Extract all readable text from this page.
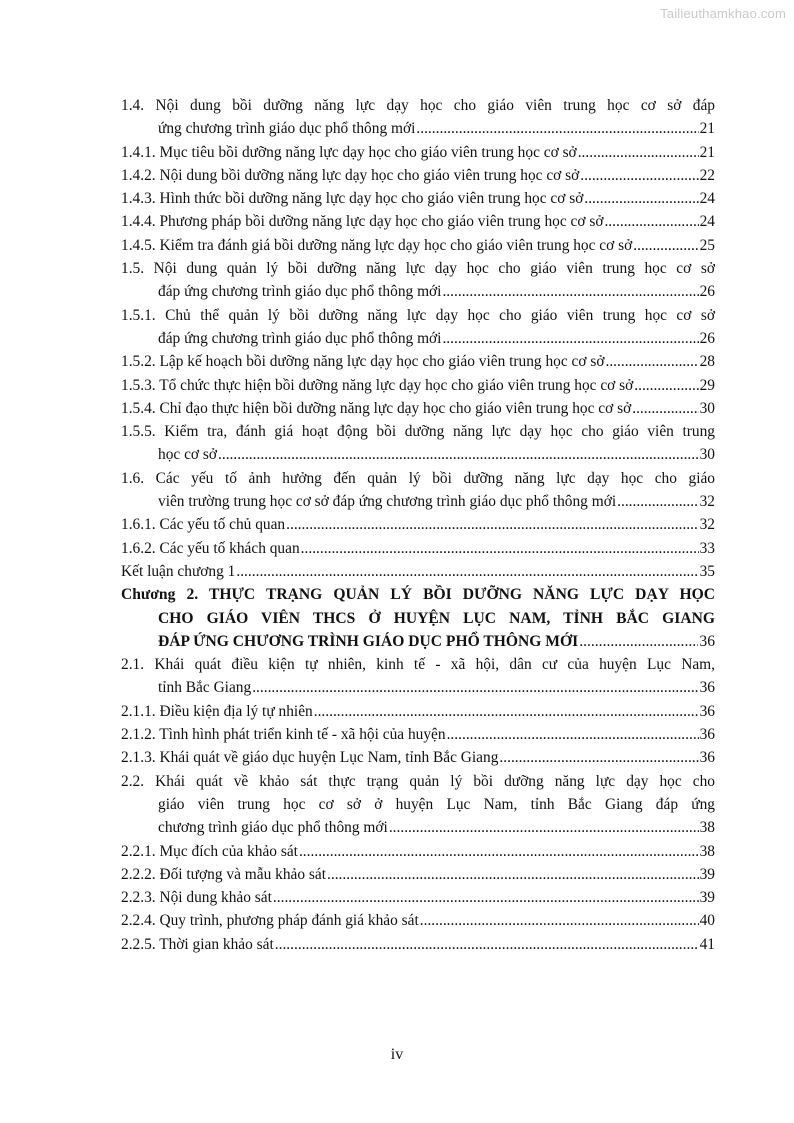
Tailieuthamkhao.com
1.4. Nội dung bồi dưỡng năng lực dạy học cho giáo viên trung học cơ sở đáp
ứng chương trình giáo dục phổ thông mới .....	21
1.4.1. Mục tiêu bồi dưỡng năng lực dạy học cho giáo viên trung học cơ sở .....	21
1.4.2. Nội dung bồi dưỡng năng lực dạy học cho giáo viên trung học cơ sở .....	22
1.4.3. Hình thức bồi dưỡng năng lực dạy học cho giáo viên trung học cơ sở .....	24
1.4.4. Phương pháp bồi dưỡng năng lực dạy học cho giáo viên trung học cơ sở .....	24
1.4.5. Kiểm tra đánh giá bồi dưỡng năng lực dạy học cho giáo viên trung học cơ sở .....	25
1.5. Nội dung quản lý bồi dưỡng năng lực dạy học cho giáo viên trung học cơ sở
đáp ứng chương trình giáo dục phổ thông mới .....	26
1.5.1. Chủ thể quản lý bồi dưỡng năng lực dạy học cho giáo viên trung học cơ sở
đáp ứng chương trình giáo dục phổ thông mới .....	26
1.5.2. Lập kế hoạch bồi dưỡng năng lực dạy học cho giáo viên trung học cơ sở .....	28
1.5.3. Tổ chức thực hiện bồi dưỡng năng lực dạy học cho giáo viên trung học cơ sở .....	29
1.5.4. Chỉ đạo thực hiện bồi dưỡng năng lực dạy học cho giáo viên trung học cơ sở .....	30
1.5.5. Kiểm tra, đánh giá hoạt động bồi dưỡng năng lực dạy học cho giáo viên trung
học cơ sở .....	30
1.6. Các yếu tố ảnh hưởng đến quản lý bồi dưỡng năng lực dạy học cho giáo
viên trường trung học cơ sở đáp ứng chương trình giáo dục phổ thông mới .....	32
1.6.1. Các yếu tố chủ quan .....	32
1.6.2. Các yếu tố khách quan .....	33
Kết luận chương 1 .....	35
Chương 2. THỰC TRẠNG QUẢN LÝ BỒI DƯỠNG NĂNG LỰC DẠY HỌC
CHO GIÁO VIÊN THCS Ở HUYỆN LỤC NAM, TỈNH BẮC GIANG
ĐÁP ỨNG CHƯƠNG TRÌNH GIÁO DỤC PHỔ THÔNG MỚI .....	36
2.1. Khái quát điều kiện tự nhiên, kinh tế - xã hội, dân cư của huyện Lục Nam,
tỉnh Bắc Giang .....	36
2.1.1. Điều kiện địa lý tự nhiên .....	36
2.1.2. Tình hình phát triển kinh tế - xã hội của huyện .....	36
2.1.3. Khái quát về giáo dục huyện Lục Nam, tỉnh Bắc Giang .....	36
2.2. Khái quát về khảo sát thực trạng quản lý bồi dưỡng năng lực dạy học cho
giáo viên trung học cơ sở ở huyện Lục Nam, tỉnh Bắc Giang đáp ứng
chương trình giáo dục phổ thông mới .....	38
2.2.1. Mục đích của khảo sát .....	38
2.2.2. Đối tượng và mẫu khảo sát .....	39
2.2.3. Nội dung khảo sát .....	39
2.2.4. Quy trình, phương pháp đánh giá khảo sát .....	40
2.2.5. Thời gian khảo sát .....	41
iv
